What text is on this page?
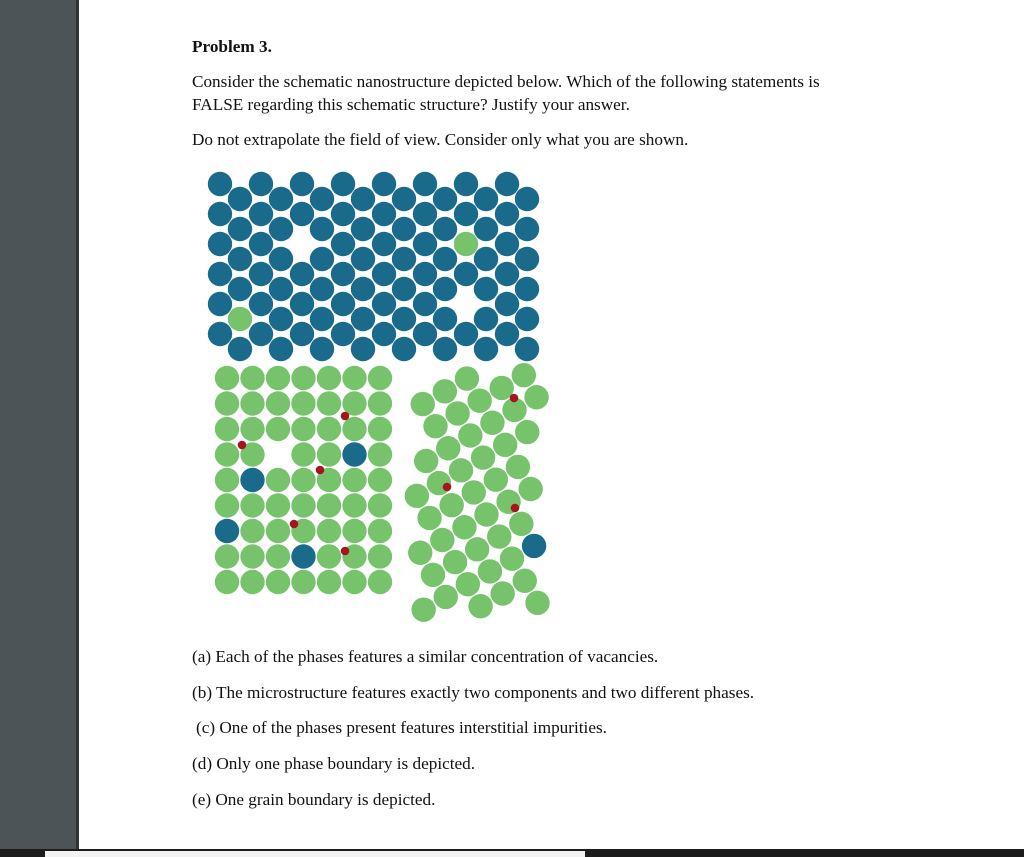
Problem 3.
Consider the schematic nanostructure depicted below. Which of the following statements is
FALSE regarding this schematic structure? Justify your answer.
Do not extrapolate the field of view. Consider only what you are shown.
(a) Each of the phases features a similar concentration of vacancies.
(b) The microstructure features exactly two components and two different phases.
(c) One of the phases present features interstitial impurities.
(d) Only one phase boundary is depicted.
(e) One grain boundary is depicted.
